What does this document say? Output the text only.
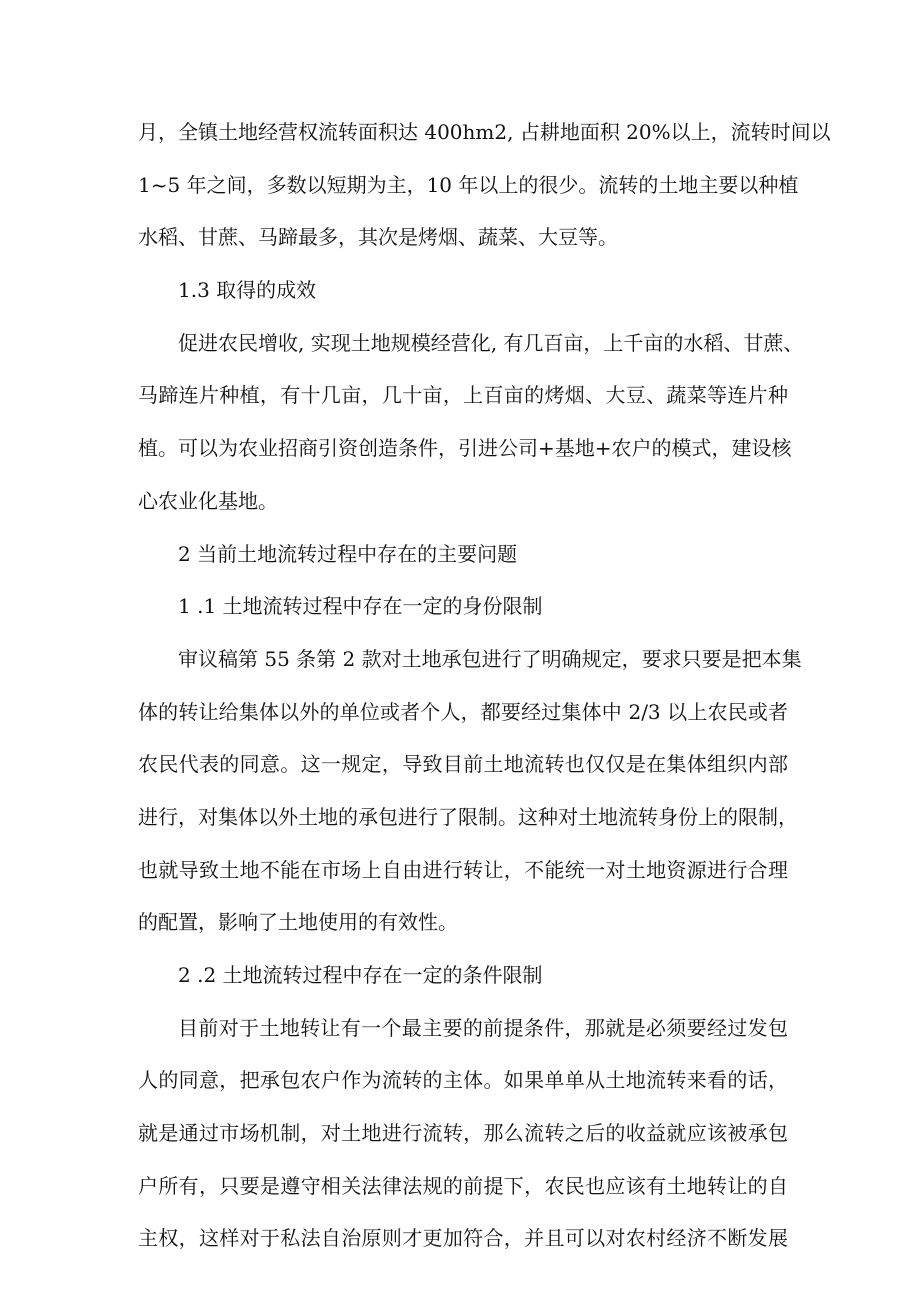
月，全镇土地经营权流转面积达 400hm2, 占耕地面积 20%以上，流转时间以
1~5 年之间，多数以短期为主，10 年以上的很少。流转的土地主要以种植
水稻、甘蔗、马蹄最多，其次是烤烟、蔬菜、大豆等。
1.3 取得的成效
促进农民增收, 实现土地规模经营化, 有几百亩，上千亩的水稻、甘蔗、
马蹄连片种植，有十几亩，几十亩，上百亩的烤烟、大豆、蔬菜等连片种
植。可以为农业招商引资创造条件，引进公司+基地+农户的模式，建设核
心农业化基地。
2 当前土地流转过程中存在的主要问题
1 .1 土地流转过程中存在一定的身份限制
审议稿第 55 条第 2 款对土地承包进行了明确规定，要求只要是把本集
体的转让给集体以外的单位或者个人，都要经过集体中 2/3 以上农民或者
农民代表的同意。这一规定，导致目前土地流转也仅仅是在集体组织内部
进行，对集体以外土地的承包进行了限制。这种对土地流转身份上的限制，
也就导致土地不能在市场上自由进行转让，不能统一对土地资源进行合理
的配置，影响了土地使用的有效性。
2 .2 土地流转过程中存在一定的条件限制
目前对于土地转让有一个最主要的前提条件，那就是必须要经过发包
人的同意，把承包农户作为流转的主体。如果单单从土地流转来看的话，
就是通过市场机制，对土地进行流转，那么流转之后的收益就应该被承包
户所有，只要是遵守相关法律法规的前提下，农民也应该有土地转让的自
主权，这样对于私法自治原则才更加符合，并且可以对农村经济不断发展
